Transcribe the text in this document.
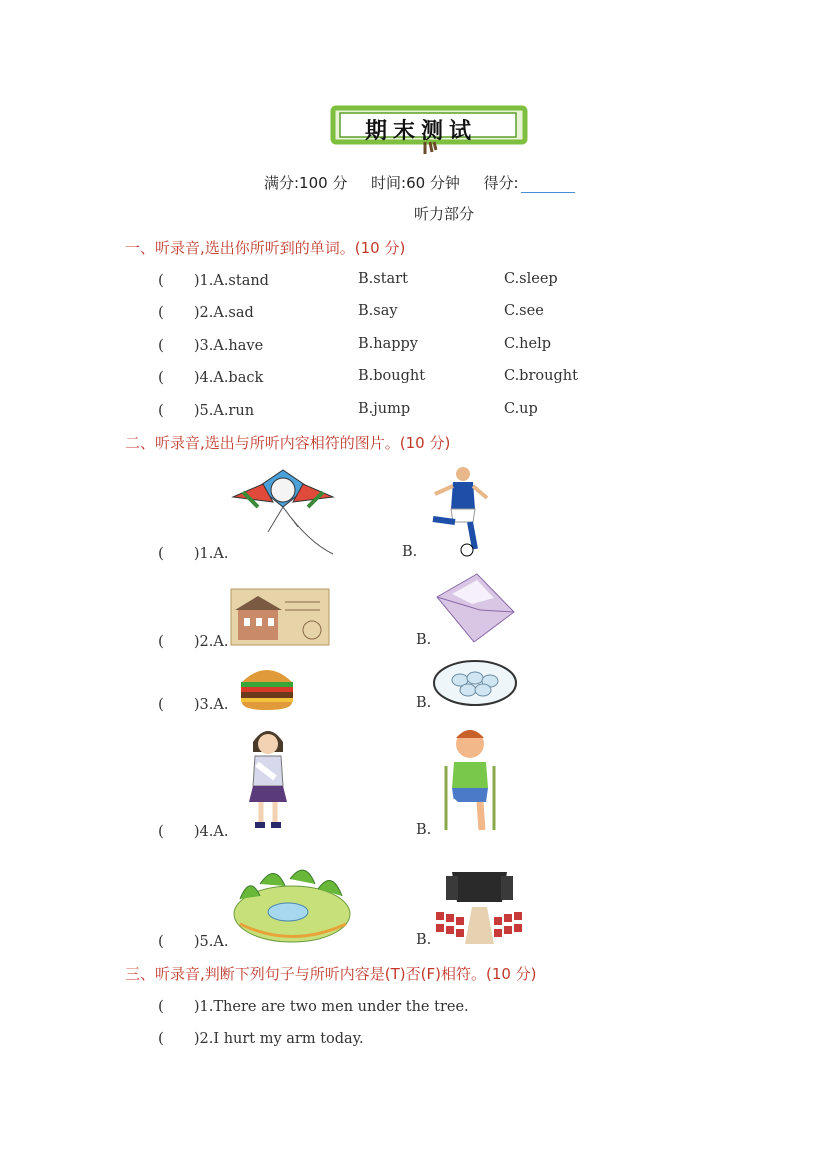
期末测试
满分:100 分 时间:60 分钟 得分:
听力部分
一、听录音,选出你所听到的单词。(10 分)
( )1.A.stand	B.start	C.sleep
( )2.A.sad	B.say	C.see
( )3.A.have	B.happy	C.help
( )4.A.back	B.bought	C.brought
( )5.A.run	B.jump	C.up
二、听录音,选出与所听内容相符的图片。(10 分)
( )1.A.	B.
( )2.A.	B.
( )3.A.	B.
( )4.A.	B.
( )5.A.	B.
三、听录音,判断下列句子与所听内容是(T)否(F)相符。(10 分)
( )1.There are two men under the tree.
( )2.I hurt my arm today.
